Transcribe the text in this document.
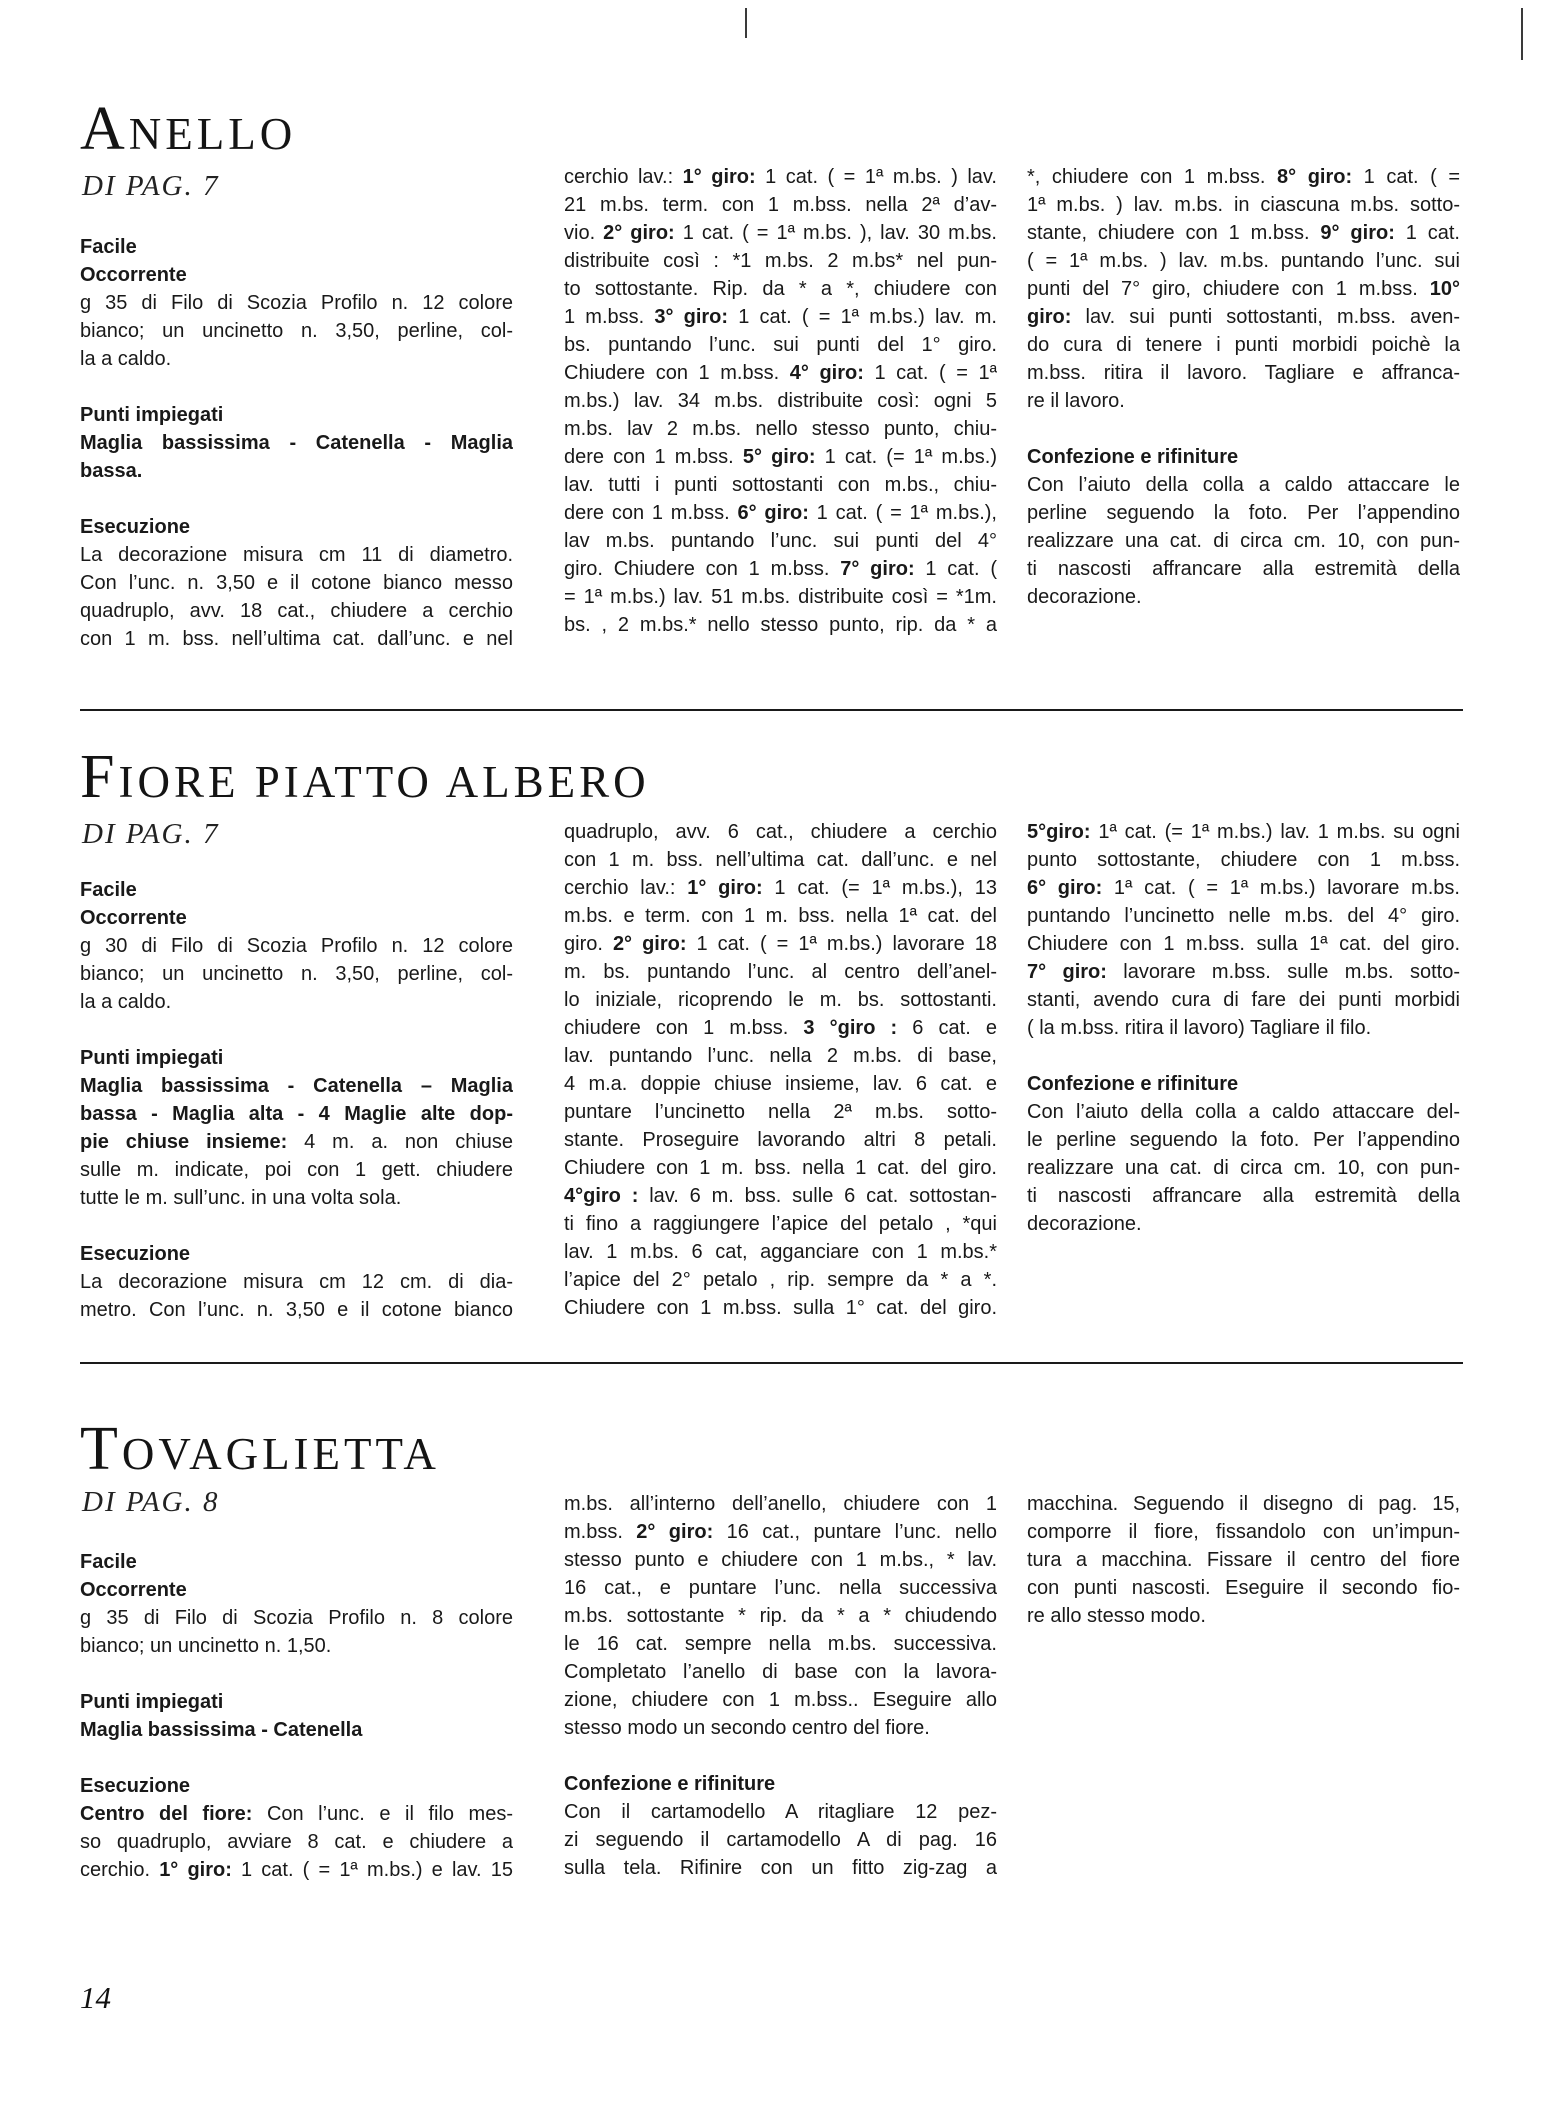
14
ANELLO
DI PAG. 7
Facile
Occorrente
g 35 di Filo di Scozia Profilo n. 12 colore
bianco; un uncinetto n. 3,50, perline, col-
la a caldo.
Punti impiegati
Maglia bassissima - Catenella - Maglia
bassa.
Esecuzione
La decorazione misura cm 11 di diametro.
Con l’unc. n. 3,50 e il cotone bianco messo
quadruplo, avv. 18 cat., chiudere a cerchio
con 1 m. bss. nell’ultima cat. dall’unc. e nel
cerchio lav.: 1° giro: 1 cat. ( = 1ª m.bs. ) lav.
21 m.bs. term. con 1 m.bss. nella 2ª d’av-
vio. 2° giro: 1 cat. ( = 1ª m.bs. ), lav. 30 m.bs.
distribuite così : *1 m.bs. 2 m.bs* nel pun-
to sottostante. Rip. da * a *, chiudere con
1 m.bss. 3° giro: 1 cat. ( = 1ª m.bs.) lav. m.
bs. puntando l’unc. sui punti del 1° giro.
Chiudere con 1 m.bss. 4° giro: 1 cat. ( = 1ª
m.bs.) lav. 34 m.bs. distribuite così: ogni 5
m.bs. lav 2 m.bs. nello stesso punto, chiu-
dere con 1 m.bss. 5° giro: 1 cat. (= 1ª m.bs.)
lav. tutti i punti sottostanti con m.bs., chiu-
dere con 1 m.bss. 6° giro: 1 cat. ( = 1ª m.bs.),
lav m.bs. puntando l’unc. sui punti del 4°
giro. Chiudere con 1 m.bss. 7° giro: 1 cat. (
= 1ª m.bs.) lav. 51 m.bs. distribuite così = *1m.
bs. , 2 m.bs.* nello stesso punto, rip. da * a
*, chiudere con 1 m.bss. 8° giro: 1 cat. ( =
1ª m.bs. ) lav. m.bs. in ciascuna m.bs. sotto-
stante, chiudere con 1 m.bss. 9° giro: 1 cat.
( = 1ª m.bs. ) lav. m.bs. puntando l’unc. sui
punti del 7° giro, chiudere con 1 m.bss. 10°
giro: lav. sui punti sottostanti, m.bss. aven-
do cura di tenere i punti morbidi poichè la
m.bss. ritira il lavoro. Tagliare e affranca-
re il lavoro.
Confezione e rifiniture
Con l’aiuto della colla a caldo attaccare le
perline seguendo la foto. Per l’appendino
realizzare una cat. di circa cm. 10, con pun-
ti nascosti affrancare alla estremità della
decorazione.
FIORE PIATTO ALBERO
DI PAG. 7
Facile
Occorrente
g 30 di Filo di Scozia Profilo n. 12 colore
bianco; un uncinetto n. 3,50, perline, col-
la a caldo.
Punti impiegati
Maglia bassissima - Catenella – Maglia
bassa - Maglia alta - 4 Maglie alte dop-
pie chiuse insieme: 4 m. a. non chiuse
sulle m. indicate, poi con 1 gett. chiudere
tutte le m. sull’unc. in una volta sola.
Esecuzione
La decorazione misura cm 12 cm. di dia-
metro. Con l’unc. n. 3,50 e il cotone bianco
quadruplo, avv. 6 cat., chiudere a cerchio
con 1 m. bss. nell’ultima cat. dall’unc. e nel
cerchio lav.: 1° giro: 1 cat. (= 1ª m.bs.), 13
m.bs. e term. con 1 m. bss. nella 1ª cat. del
giro. 2° giro: 1 cat. ( = 1ª m.bs.) lavorare 18
m. bs. puntando l’unc. al centro dell’anel-
lo iniziale, ricoprendo le m. bs. sottostanti.
chiudere con 1 m.bss. 3 °giro : 6 cat. e
lav. puntando l’unc. nella 2 m.bs. di base,
4 m.a. doppie chiuse insieme, lav. 6 cat. e
puntare l’uncinetto nella 2ª m.bs. sotto-
stante. Proseguire lavorando altri 8 petali.
Chiudere con 1 m. bss. nella 1 cat. del giro.
4°giro : lav. 6 m. bss. sulle 6 cat. sottostan-
ti fino a raggiungere l’apice del petalo , *qui
lav. 1 m.bs. 6 cat, agganciare con 1 m.bs.*
l’apice del 2° petalo , rip. sempre da * a *.
Chiudere con 1 m.bss. sulla 1° cat. del giro.
5°giro: 1ª cat. (= 1ª m.bs.) lav. 1 m.bs. su ogni
punto sottostante, chiudere con 1 m.bss.
6° giro: 1ª cat. ( = 1ª m.bs.) lavorare m.bs.
puntando l’uncinetto nelle m.bs. del 4° giro.
Chiudere con 1 m.bss. sulla 1ª cat. del giro.
7° giro: lavorare m.bss. sulle m.bs. sotto-
stanti, avendo cura di fare dei punti morbidi
( la m.bss. ritira il lavoro) Tagliare il filo.
Confezione e rifiniture
Con l’aiuto della colla a caldo attaccare del-
le perline seguendo la foto. Per l’appendino
realizzare una cat. di circa cm. 10, con pun-
ti nascosti affrancare alla estremità della
decorazione.
TOVAGLIETTA
DI PAG. 8
Facile
Occorrente
g 35 di Filo di Scozia Profilo n. 8 colore
bianco; un uncinetto n. 1,50.
Punti impiegati
Maglia bassissima - Catenella
Esecuzione
Centro del fiore: Con l’unc. e il filo mes-
so quadruplo, avviare 8 cat. e chiudere a
cerchio. 1° giro: 1 cat. ( = 1ª m.bs.) e lav. 15
m.bs. all’interno dell’anello, chiudere con 1
m.bss. 2° giro: 16 cat., puntare l’unc. nello
stesso punto e chiudere con 1 m.bs., * lav.
16 cat., e puntare l’unc. nella successiva
m.bs. sottostante * rip. da * a * chiudendo
le 16 cat. sempre nella m.bs. successiva.
Completato l’anello di base con la lavora-
zione, chiudere con 1 m.bss.. Eseguire allo
stesso modo un secondo centro del fiore.
Confezione e rifiniture
Con il cartamodello A ritagliare 12 pez-
zi seguendo il cartamodello A di pag. 16
sulla tela. Rifinire con un fitto zig-zag a
macchina. Seguendo il disegno di pag. 15,
comporre il fiore, fissandolo con un’impun-
tura a macchina. Fissare il centro del fiore
con punti nascosti. Eseguire il secondo fio-
re allo stesso modo.
